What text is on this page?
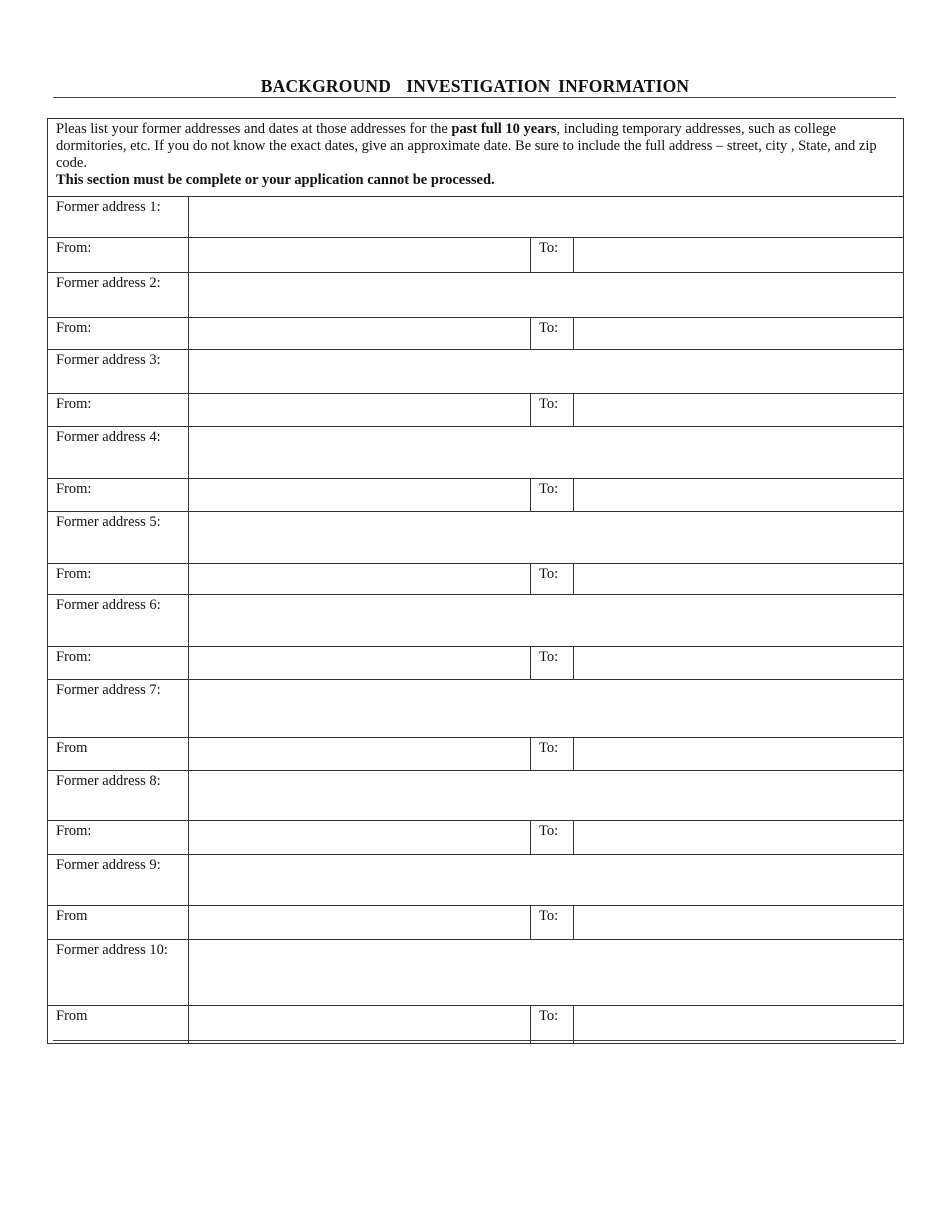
BACKGROUND  INVESTIGATION INFORMATION
Pleas list your former addresses and dates at those addresses for the past full 10 years, including temporary addresses, such as college dormitories, etc. If you do not know the exact dates, give an approximate date. Be sure to include the full address – street, city , State, and zip code.
This section must be complete or your application cannot be processed.			
Former address 1:			
From:		To:	
Former address 2:			
From:		To:	
Former address 3:			
From:		To:	
Former address 4:			
From:		To:	
Former address 5:			
From:		To:	
Former address 6:			
From:		To:	
Former address 7:			
From		To:	
Former address 8:			
From:		To:	
Former address 9:			
From		To:	
Former address 10:			
From		To:	
